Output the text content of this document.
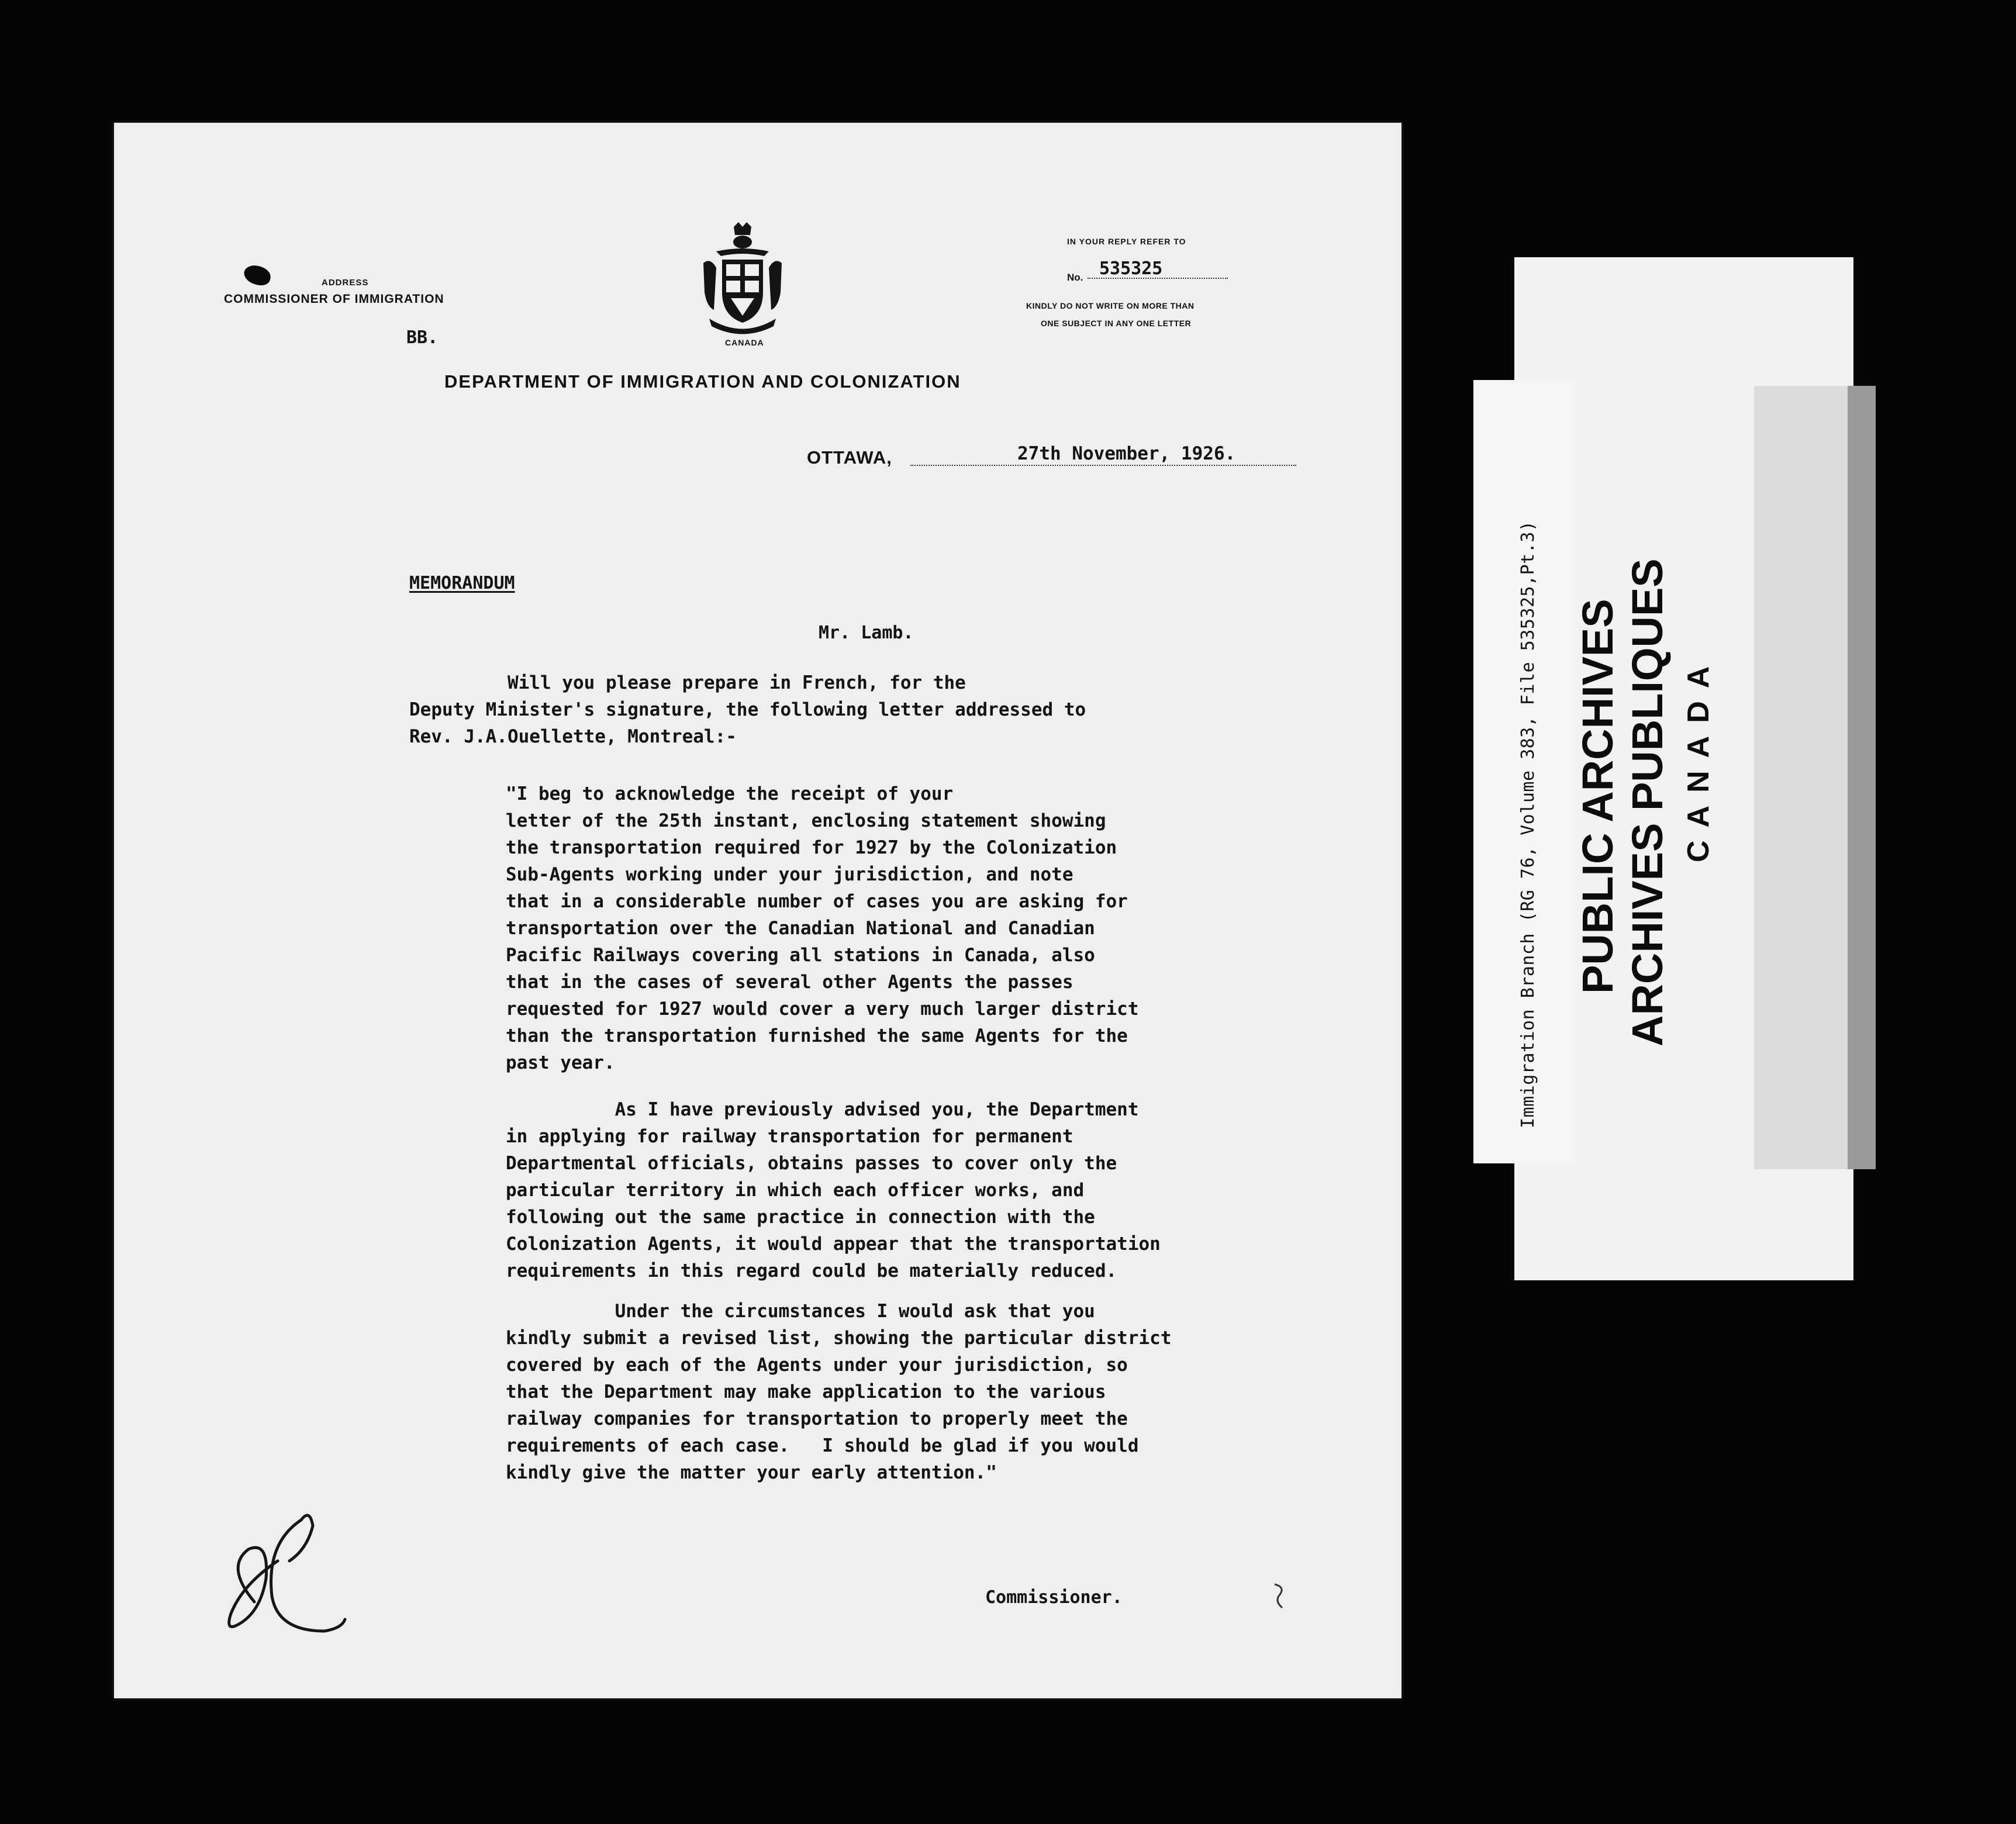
ADDRESS
COMMISSIONER OF IMMIGRATION
BB.	CANADA
IN YOUR REPLY REFER TO
No. 535325
KINDLY DO NOT WRITE ON MORE THAN
ONE SUBJECT IN ANY ONE LETTER
DEPARTMENT OF IMMIGRATION AND COLONIZATION
OTTAWA,	27th November, 1926.
MEMORANDUM
Mr. Lamb.
Will you please prepare in French, for the
Deputy Minister's signature, the following letter addressed to
Rev. J.A.Ouellette, Montreal:-
"I beg to acknowledge the receipt of your
letter of the 25th instant, enclosing statement showing
the transportation required for 1927 by the Colonization
Sub-Agents working under your jurisdiction, and note
that in a considerable number of cases you are asking for
transportation over the Canadian National and Canadian
Pacific Railways covering all stations in Canada, also
that in the cases of several other Agents the passes
requested for 1927 would cover a very much larger district
than the transportation furnished the same Agents for the
past year.
As I have previously advised you, the Department
in applying for railway transportation for permanent
Departmental officials, obtains passes to cover only the
particular territory in which each officer works, and
following out the same practice in connection with the
Colonization Agents, it would appear that the transportation
requirements in this regard could be materially reduced.
Under the circumstances I would ask that you
kindly submit a revised list, showing the particular district
covered by each of the Agents under your jurisdiction, so
that the Department may make application to the various
railway companies for transportation to properly meet the
requirements of each case.   I should be glad if you would
kindly give the matter your early attention."
Commissioner.
Immigration Branch (RG 76, Volume 383, File 535325,Pt.3) PUBLIC ARCHIVES ARCHIVES PUBLIQUES CANADA
